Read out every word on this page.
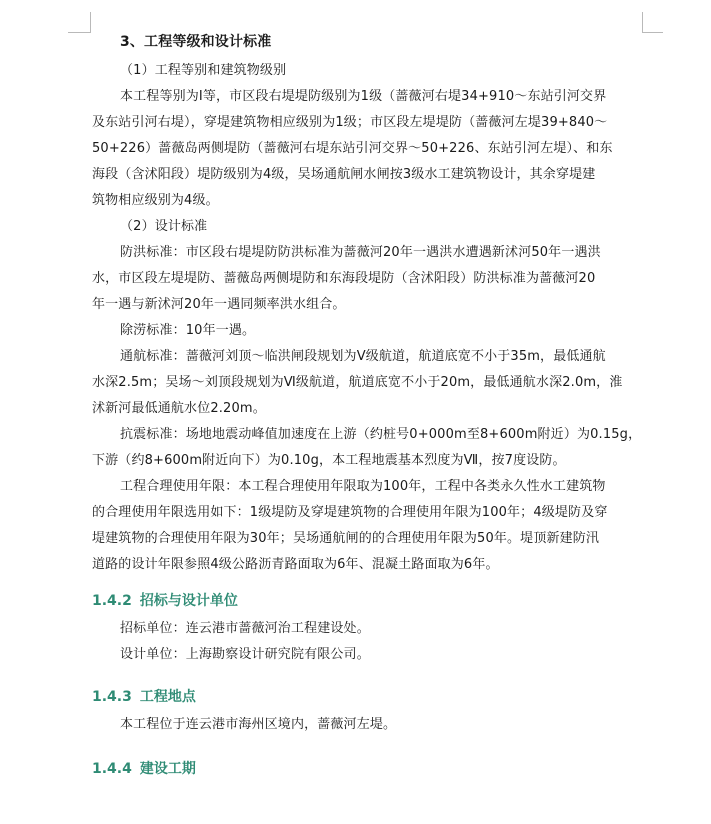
3、工程等级和设计标准
（1）工程等别和建筑物级别
本工程等别为Ⅰ等，市区段右堤堤防级别为1级（蔷薇河右堤34+910～东站引河交界
及东站引河右堤），穿堤建筑物相应级别为1级；市区段左堤堤防（蔷薇河左堤39+840～
50+226）蔷薇岛两侧堤防（蔷薇河右堤东站引河交界～50+226、东站引河左堤）、和东
海段（含沭阳段）堤防级别为4级，吴场通航闸水闸按3级水工建筑物设计，其余穿堤建
筑物相应级别为4级。
（2）设计标准
防洪标准：市区段右堤堤防防洪标准为蔷薇河20年一遇洪水遭遇新沭河50年一遇洪
水，市区段左堤堤防、蔷薇岛两侧堤防和东海段堤防（含沭阳段）防洪标准为蔷薇河20
年一遇与新沭河20年一遇同频率洪水组合。
除涝标准：10年一遇。
通航标准：蔷薇河刘顶～临洪闸段规划为Ⅴ级航道，航道底宽不小于35m，最低通航
水深2.5m；吴场～刘顶段规划为Ⅵ级航道，航道底宽不小于20m，最低通航水深2.0m，淮
沭新河最低通航水位2.20m。
抗震标准：场地地震动峰值加速度在上游（约桩号0+000m至8+600m附近）为0.15g，
下游（约8+600m附近向下）为0.10g，本工程地震基本烈度为Ⅶ，按7度设防。
工程合理使用年限：本工程合理使用年限取为100年，工程中各类永久性水工建筑物
的合理使用年限选用如下：1级堤防及穿堤建筑物的合理使用年限为100年；4级堤防及穿
堤建筑物的合理使用年限为30年；吴场通航闸的的合理使用年限为50年。堤顶新建防汛
道路的设计年限参照4级公路沥青路面取为6年、混凝土路面取为6年。
1.4.2 招标与设计单位
招标单位：连云港市蔷薇河治工程建设处。
设计单位：上海勘察设计研究院有限公司。
1.4.3 工程地点
本工程位于连云港市海州区境内，蔷薇河左堤。
1.4.4 建设工期
